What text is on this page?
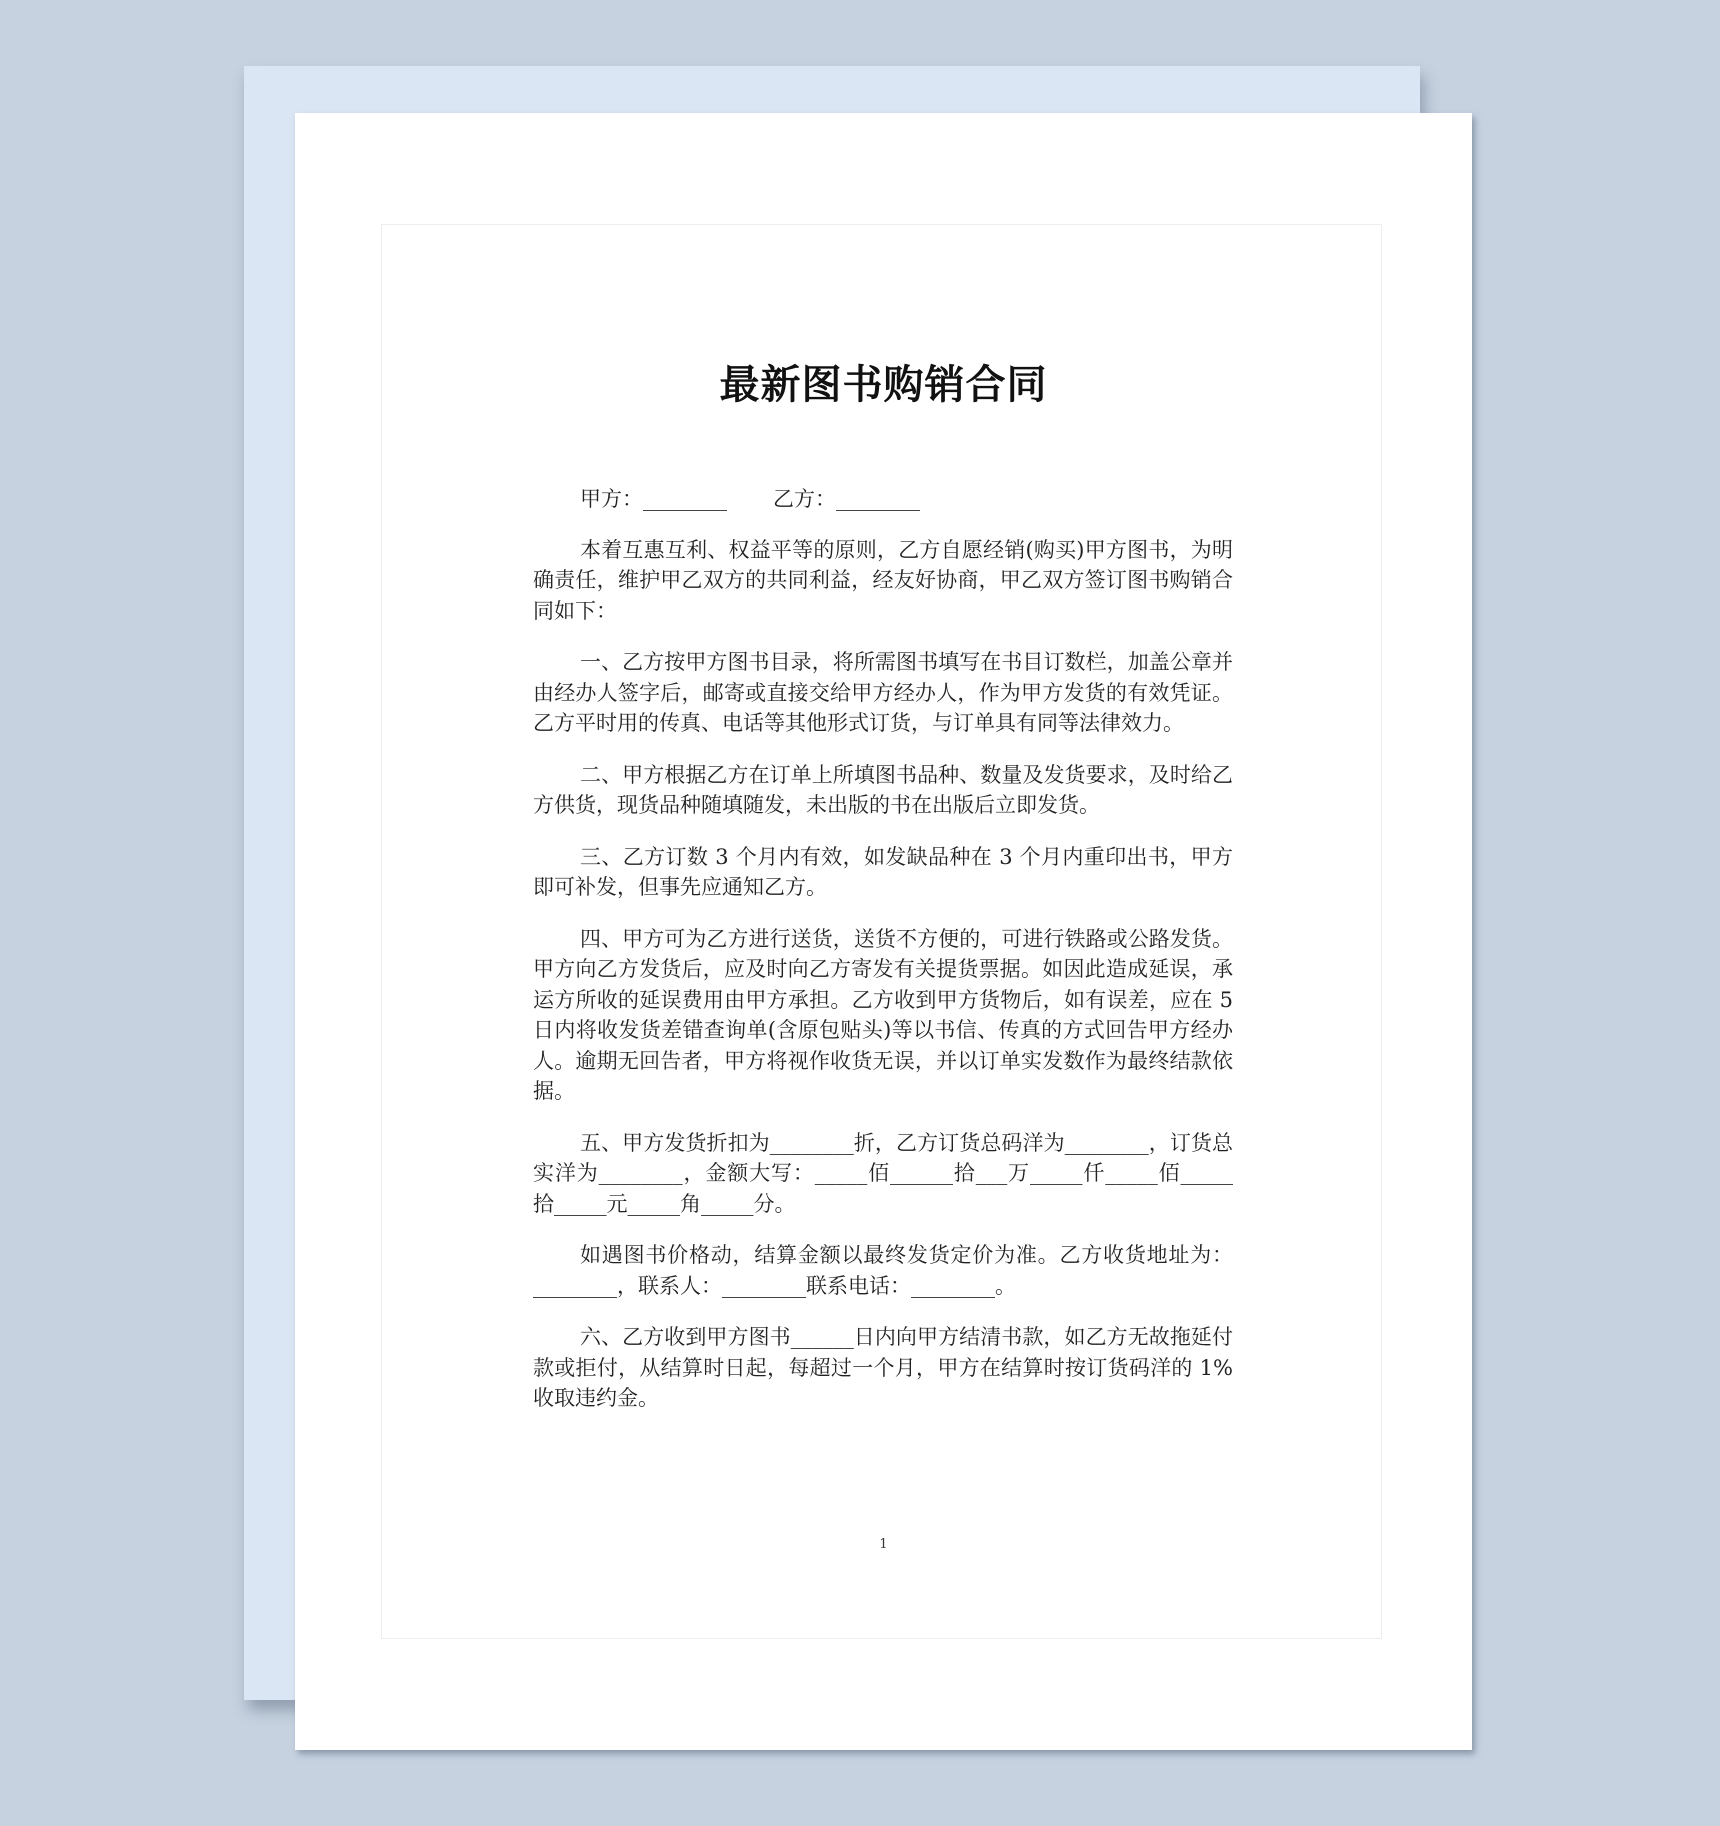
最新图书购销合同
甲方：________ 乙方：________

本着互惠互利、权益平等的原则，乙方自愿经销(购买)甲方图书，为明确责任，维护甲乙双方的共同利益，经友好协商，甲乙双方签订图书购销合同如下：

一、乙方按甲方图书目录，将所需图书填写在书目订数栏，加盖公章并由经办人签字后，邮寄或直接交给甲方经办人，作为甲方发货的有效凭证。乙方平时用的传真、电话等其他形式订货，与订单具有同等法律效力。

二、甲方根据乙方在订单上所填图书品种、数量及发货要求，及时给乙方供货，现货品种随填随发，未出版的书在出版后立即发货。

三、乙方订数 3 个月内有效，如发缺品种在 3 个月内重印出书，甲方即可补发，但事先应通知乙方。

四、甲方可为乙方进行送货，送货不方便的，可进行铁路或公路发货。甲方向乙方发货后，应及时向乙方寄发有关提货票据。如因此造成延误，承运方所收的延误费用由甲方承担。乙方收到甲方货物后，如有误差，应在 5 日内将收发货差错查询单(含原包贴头)等以书信、传真的方式回告甲方经办人。逾期无回告者，甲方将视作收货无误，并以订单实发数作为最终结款依据。

五、甲方发货折扣为________折，乙方订货总码洋为________，订货总实洋为________，金额大写：_____佰______拾___万_____仟_____佰_____拾_____元_____角_____分。

如遇图书价格动，结算金额以最终发货定价为准。乙方收货地址为：________，联系人：________联系电话：________。

六、乙方收到甲方图书______日内向甲方结清书款，如乙方无故拖延付款或拒付，从结算时日起，每超过一个月，甲方在结算时按订货码洋的 1%收取违约金。

1
